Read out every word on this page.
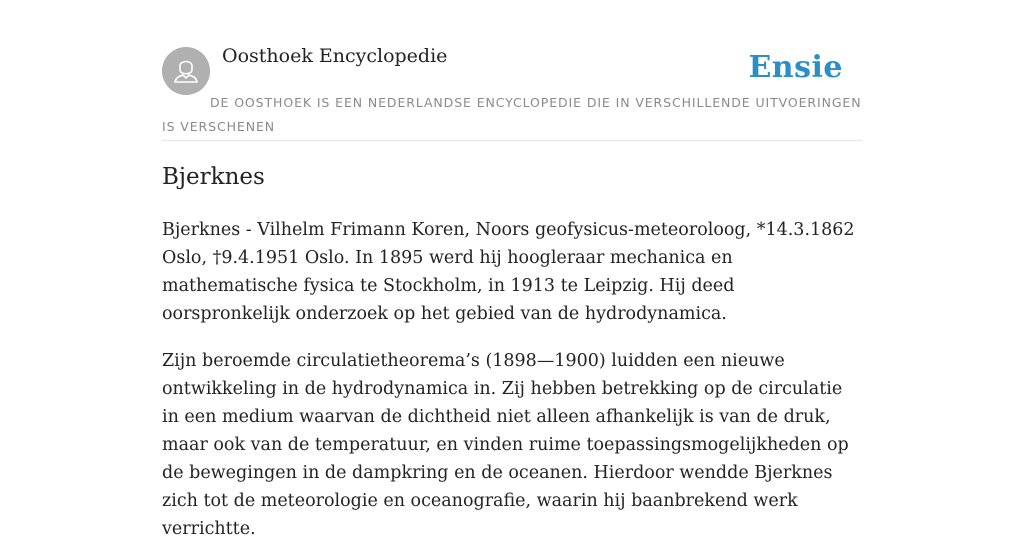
Oosthoek Encyclopedie	Ensie
DE OOSTHOEK IS EEN NEDERLANDSE ENCYCLOPEDIE DIE IN VERSCHILLENDE UITVOERINGEN IS VERSCHENEN
Bjerknes

Bjerknes - Vilhelm Frimann Koren, Noors geofysicus-meteoroloog, *14.3.1862 Oslo, †9.4.1951 Oslo. In 1895 werd hij hoogleraar mechanica en mathematische fysica te Stockholm, in 1913 te Leipzig. Hij deed oorspronkelijk onderzoek op het gebied van de hydrodynamica.

Zijn beroemde circulatietheorema’s (1898—1900) luidden een nieuwe ontwikkeling in de hydrodynamica in. Zij hebben betrekking op de circulatie in een medium waarvan de dichtheid niet alleen afhankelijk is van de druk, maar ook van de temperatuur, en vinden ruime toepassingsmogelijkheden op de bewegingen in de dampkring en de oceanen. Hierdoor wendde Bjerknes zich tot de meteorologie en oceanografie, waarin hij baanbrekend werk verrichtte.
